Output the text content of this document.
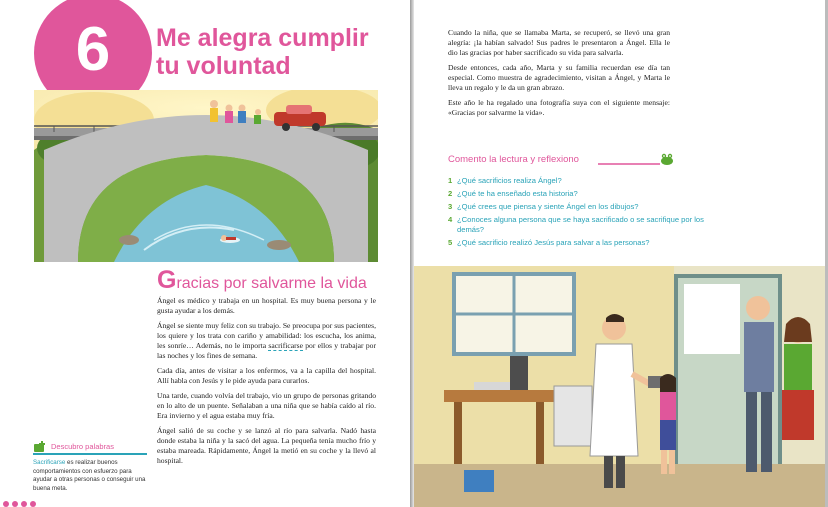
6	Me alegra cumplir tu voluntad
Gracias por salvarme la vida

Ángel es médico y trabaja en un hospital. Es muy buena persona y le gusta ayudar a los demás.

Ángel se siente muy feliz con su trabajo. Se preocupa por sus pacientes, los quiere y los trata con cariño y amabilidad: los escucha, los anima, les sonríe… Además, no le importa sacrificarse por ellos y trabajar por las noches y los fines de semana.

Cada día, antes de visitar a los enfermos, va a la capilla del hospital. Allí habla con Jesús y le pide ayuda para curarlos.

Una tarde, cuando volvía del trabajo, vio un grupo de personas gritando en lo alto de un puente. Señalaban a una niña que se había caído al río. Era invierno y el agua estaba muy fría.

Ángel salió de su coche y se lanzó al río para salvarla. Nadó hasta donde estaba la niña y la sacó del agua. La pequeña tenía mucho frío y estaba mareada. Rápidamente, Ángel la metió en su coche y la llevó al hospital.

Descubro palabras
Sacrificarse es realizar buenos comportamientos con esfuerzo para ayudar a otras personas o conseguir una buena meta.

Cuando la niña, que se llamaba Marta, se recuperó, se llevó una gran alegría: ¡la habían salvado! Sus padres le presentaron a Ángel. Ella le dio las gracias por haber sacrificado su vida para salvarla.

Desde entonces, cada año, Marta y su familia recuerdan ese día tan especial. Como muestra de agradecimiento, visitan a Ángel, y Marta le lleva un regalo y le da un gran abrazo.

Este año le ha regalado una fotografía suya con el siguiente mensaje: «Gracias por salvarme la vida».

Comento la lectura y reflexiono
1 ¿Qué sacrificios realiza Ángel?
2 ¿Qué te ha enseñado esta historia?
3 ¿Qué crees que piensa y siente Ángel en los dibujos?
4 ¿Conoces alguna persona que se haya sacrificado o se sacrifique por los demás?
5 ¿Qué sacrificio realizó Jesús para salvar a las personas?
